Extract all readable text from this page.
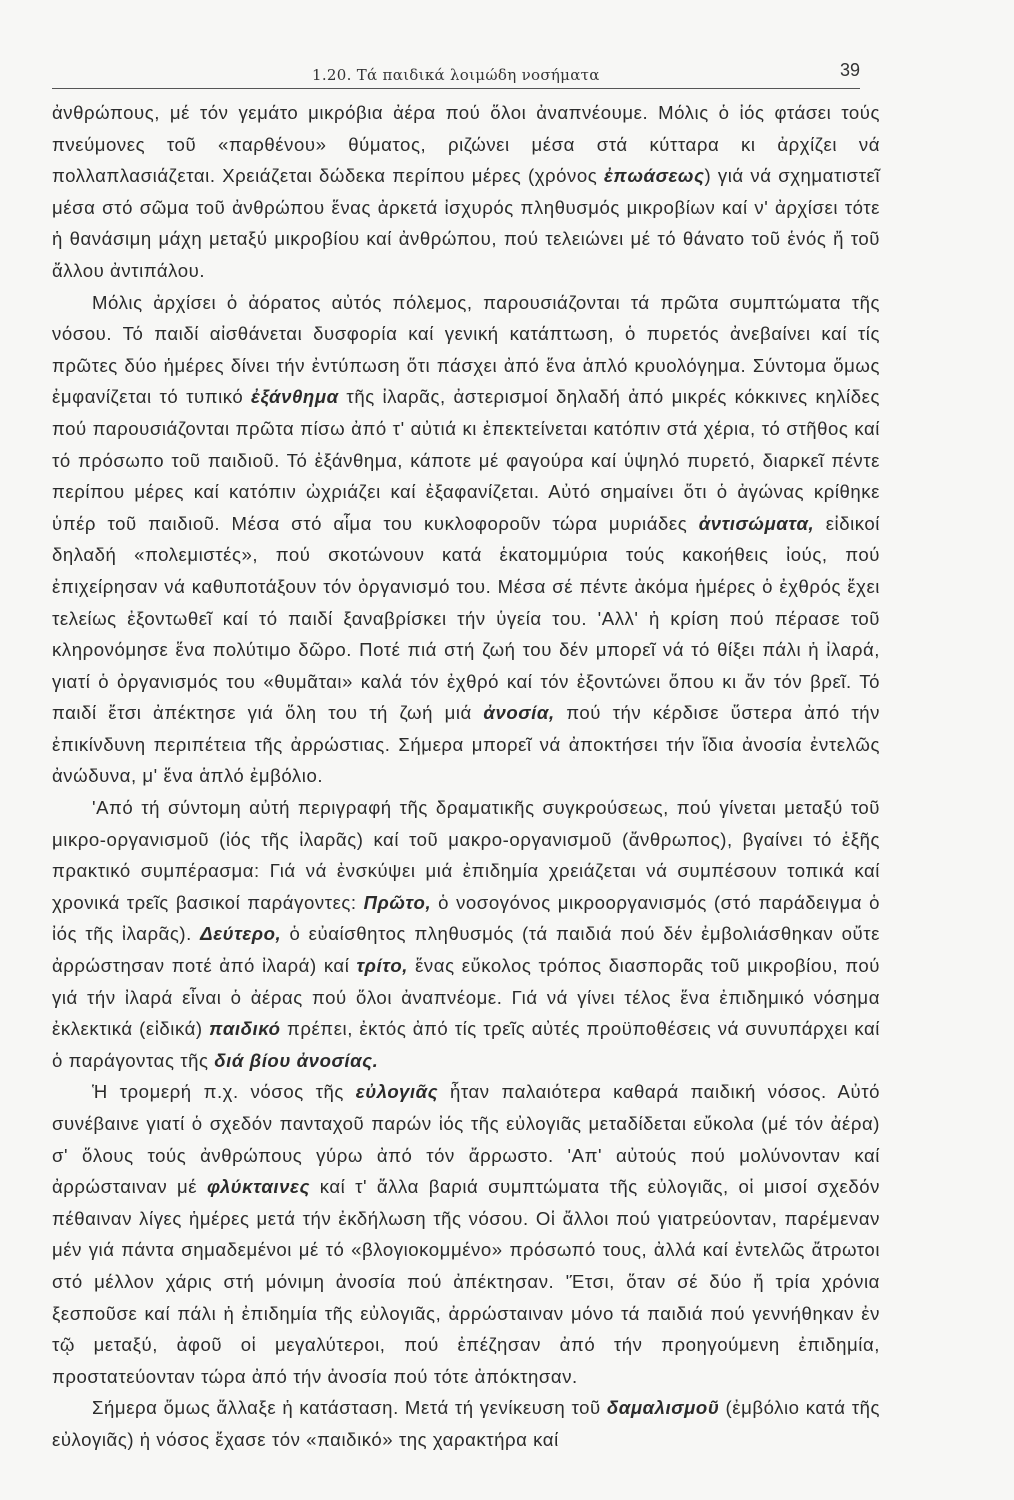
1.20. Τά παιδικά λοιμώδη νοσήματα	39

ἀνθρώπους, μέ τόν γεμάτο μικρόβια ἀέρα πού ὅλοι ἀναπνέουμε. Μόλις ὁ ἰός φτάσει τούς πνεύμονες τοῦ «παρθένου» θύματος, ριζώνει μέσα στά κύτταρα κι ἀρχίζει νά πολλαπλασιάζεται. Χρειάζεται δώδεκα περίπου μέρες (χρόνος ἐπωάσεως) γιά νά σχηματιστεῖ μέσα στό σῶμα τοῦ ἀνθρώπου ἕνας ἀρκετά ἰσχυρός πληθυσμός μικροβίων καί ν' ἀρχίσει τότε ἡ θανάσιμη μάχη μεταξύ μικροβίου καί ἀνθρώπου, πού τελειώνει μέ τό θάνατο τοῦ ἑνός ἤ τοῦ ἄλλου ἀντιπάλου.

Μόλις ἀρχίσει ὁ ἀόρατος αὐτός πόλεμος, παρουσιάζονται τά πρῶτα συμπτώματα τῆς νόσου. Τό παιδί αἰσθάνεται δυσφορία καί γενική κατάπτωση, ὁ πυρετός ἀνεβαίνει καί τίς πρῶτες δύο ἡμέρες δίνει τήν ἐντύπωση ὅτι πάσχει ἀπό ἕνα ἁπλό κρυολόγημα. Σύντομα ὅμως ἐμφανίζεται τό τυπικό ἐξάνθημα τῆς ἰλαρᾶς, ἀστερισμοί δηλαδή ἀπό μικρές κόκκινες κηλίδες πού παρουσιάζονται πρῶτα πίσω ἀπό τ' αὐτιά κι ἐπεκτείνεται κατόπιν στά χέρια, τό στῆθος καί τό πρόσωπο τοῦ παιδιοῦ. Τό ἐξάνθημα, κάποτε μέ φαγούρα καί ὑψηλό πυρετό, διαρκεῖ πέντε περίπου μέρες καί κατόπιν ὠχριάζει καί ἐξαφανίζεται. Αὐτό σημαίνει ὅτι ὁ ἀγώνας κρίθηκε ὑπέρ τοῦ παιδιοῦ. Μέσα στό αἷμα του κυκλοφοροῦν τώρα μυριάδες ἀντισώματα, εἰδικοί δηλαδή «πολεμιστές», πού σκοτώνουν κατά ἑκατομμύρια τούς κακοήθεις ἰούς, πού ἐπιχείρησαν νά καθυποτάξουν τόν ὀργανισμό του. Μέσα σέ πέντε ἀκόμα ἡμέρες ὁ ἐχθρός ἔχει τελείως ἐξοντωθεῖ καί τό παιδί ξαναβρίσκει τήν ὑγεία του. 'Αλλ' ἡ κρίση πού πέρασε τοῦ κληρονόμησε ἕνα πολύτιμο δῶρο. Ποτέ πιά στή ζωή του δέν μπορεῖ νά τό θίξει πάλι ἡ ἰλαρά, γιατί ὁ ὀργανισμός του «θυμᾶται» καλά τόν ἐχθρό καί τόν ἐξοντώνει ὅπου κι ἄν τόν βρεῖ. Τό παιδί ἔτσι ἀπέκτησε γιά ὅλη του τή ζωή μιά ἀνοσία, πού τήν κέρδισε ὕστερα ἀπό τήν ἐπικίνδυνη περιπέτεια τῆς ἀρρώστιας. Σήμερα μπορεῖ νά ἀποκτήσει τήν ἴδια ἀνοσία ἐντελῶς ἀνώδυνα, μ' ἕνα ἁπλό ἐμβόλιο.

'Από τή σύντομη αὐτή περιγραφή τῆς δραματικῆς συγκρούσεως, πού γίνεται μεταξύ τοῦ μικρο-οργανισμοῦ (ἰός τῆς ἰλαρᾶς) καί τοῦ μακρο-οργανισμοῦ (ἄνθρωπος), βγαίνει τό ἑξῆς πρακτικό συμπέρασμα: Γιά νά ἐνσκύψει μιά ἐπιδημία χρειάζεται νά συμπέσουν τοπικά καί χρονικά τρεῖς βασικοί παράγοντες: Πρῶτο, ὁ νοσογόνος μικροοργανισμός (στό παράδειγμα ὁ ἰός τῆς ἰλαρᾶς). Δεύτερο, ὁ εὐαίσθητος πληθυσμός (τά παιδιά πού δέν ἐμβολιάσθηκαν οὔτε ἀρρώστησαν ποτέ ἀπό ἰλαρά) καί τρίτο, ἕνας εὔκολος τρόπος διασπορᾶς τοῦ μικροβίου, πού γιά τήν ἰλαρά εἶναι ὁ ἀέρας πού ὅλοι ἀναπνέομε. Γιά νά γίνει τέλος ἕνα ἐπιδημικό νόσημα ἐκλεκτικά (εἰδικά) παιδικό πρέπει, ἐκτός ἀπό τίς τρεῖς αὐτές προϋποθέσεις νά συνυπάρχει καί ὁ παράγοντας τῆς διά βίου ἀνοσίας.

Ἡ τρομερή π.χ. νόσος τῆς εὐλογιᾶς ἦταν παλαιότερα καθαρά παιδική νόσος. Αὐτό συνέβαινε γιατί ὁ σχεδόν πανταχοῦ παρών ἰός τῆς εὐλογιᾶς μεταδίδεται εὔκολα (μέ τόν ἀέρα) σ' ὅλους τούς ἀνθρώπους γύρω ἀπό τόν ἄρρωστο. 'Απ' αὐτούς πού μολύνονταν καί ἀρρώσταιναν μέ φλύκταινες καί τ' ἄλλα βαριά συμπτώματα τῆς εὐλογιᾶς, οἱ μισοί σχεδόν πέθαιναν λίγες ἡμέρες μετά τήν ἐκδήλωση τῆς νόσου. Οἱ ἄλλοι πού γιατρεύονταν, παρέμεναν μέν γιά πάντα σημαδεμένοι μέ τό «βλογιοκομμένο» πρόσωπό τους, ἀλλά καί ἐντελῶς ἄτρωτοι στό μέλλον χάρις στή μόνιμη ἀνοσία πού ἀπέκτησαν. 'Έτσι, ὅταν σέ δύο ἤ τρία χρόνια ξεσποῦσε καί πάλι ἡ ἐπιδημία τῆς εὐλογιᾶς, ἀρρώσταιναν μόνο τά παιδιά πού γεννήθηκαν ἐν τῷ μεταξύ, ἀφοῦ οἱ μεγαλύτεροι, πού ἐπέζησαν ἀπό τήν προηγούμενη ἐπιδημία, προστατεύονταν τώρα ἀπό τήν ἀνοσία πού τότε ἀπόκτησαν.

Σήμερα ὅμως ἄλλαξε ἡ κατάσταση. Μετά τή γενίκευση τοῦ δαμαλισμοῦ (ἐμβόλιο κατά τῆς εὐλογιᾶς) ἡ νόσος ἔχασε τόν «παιδικό» της χαρακτήρα καί
